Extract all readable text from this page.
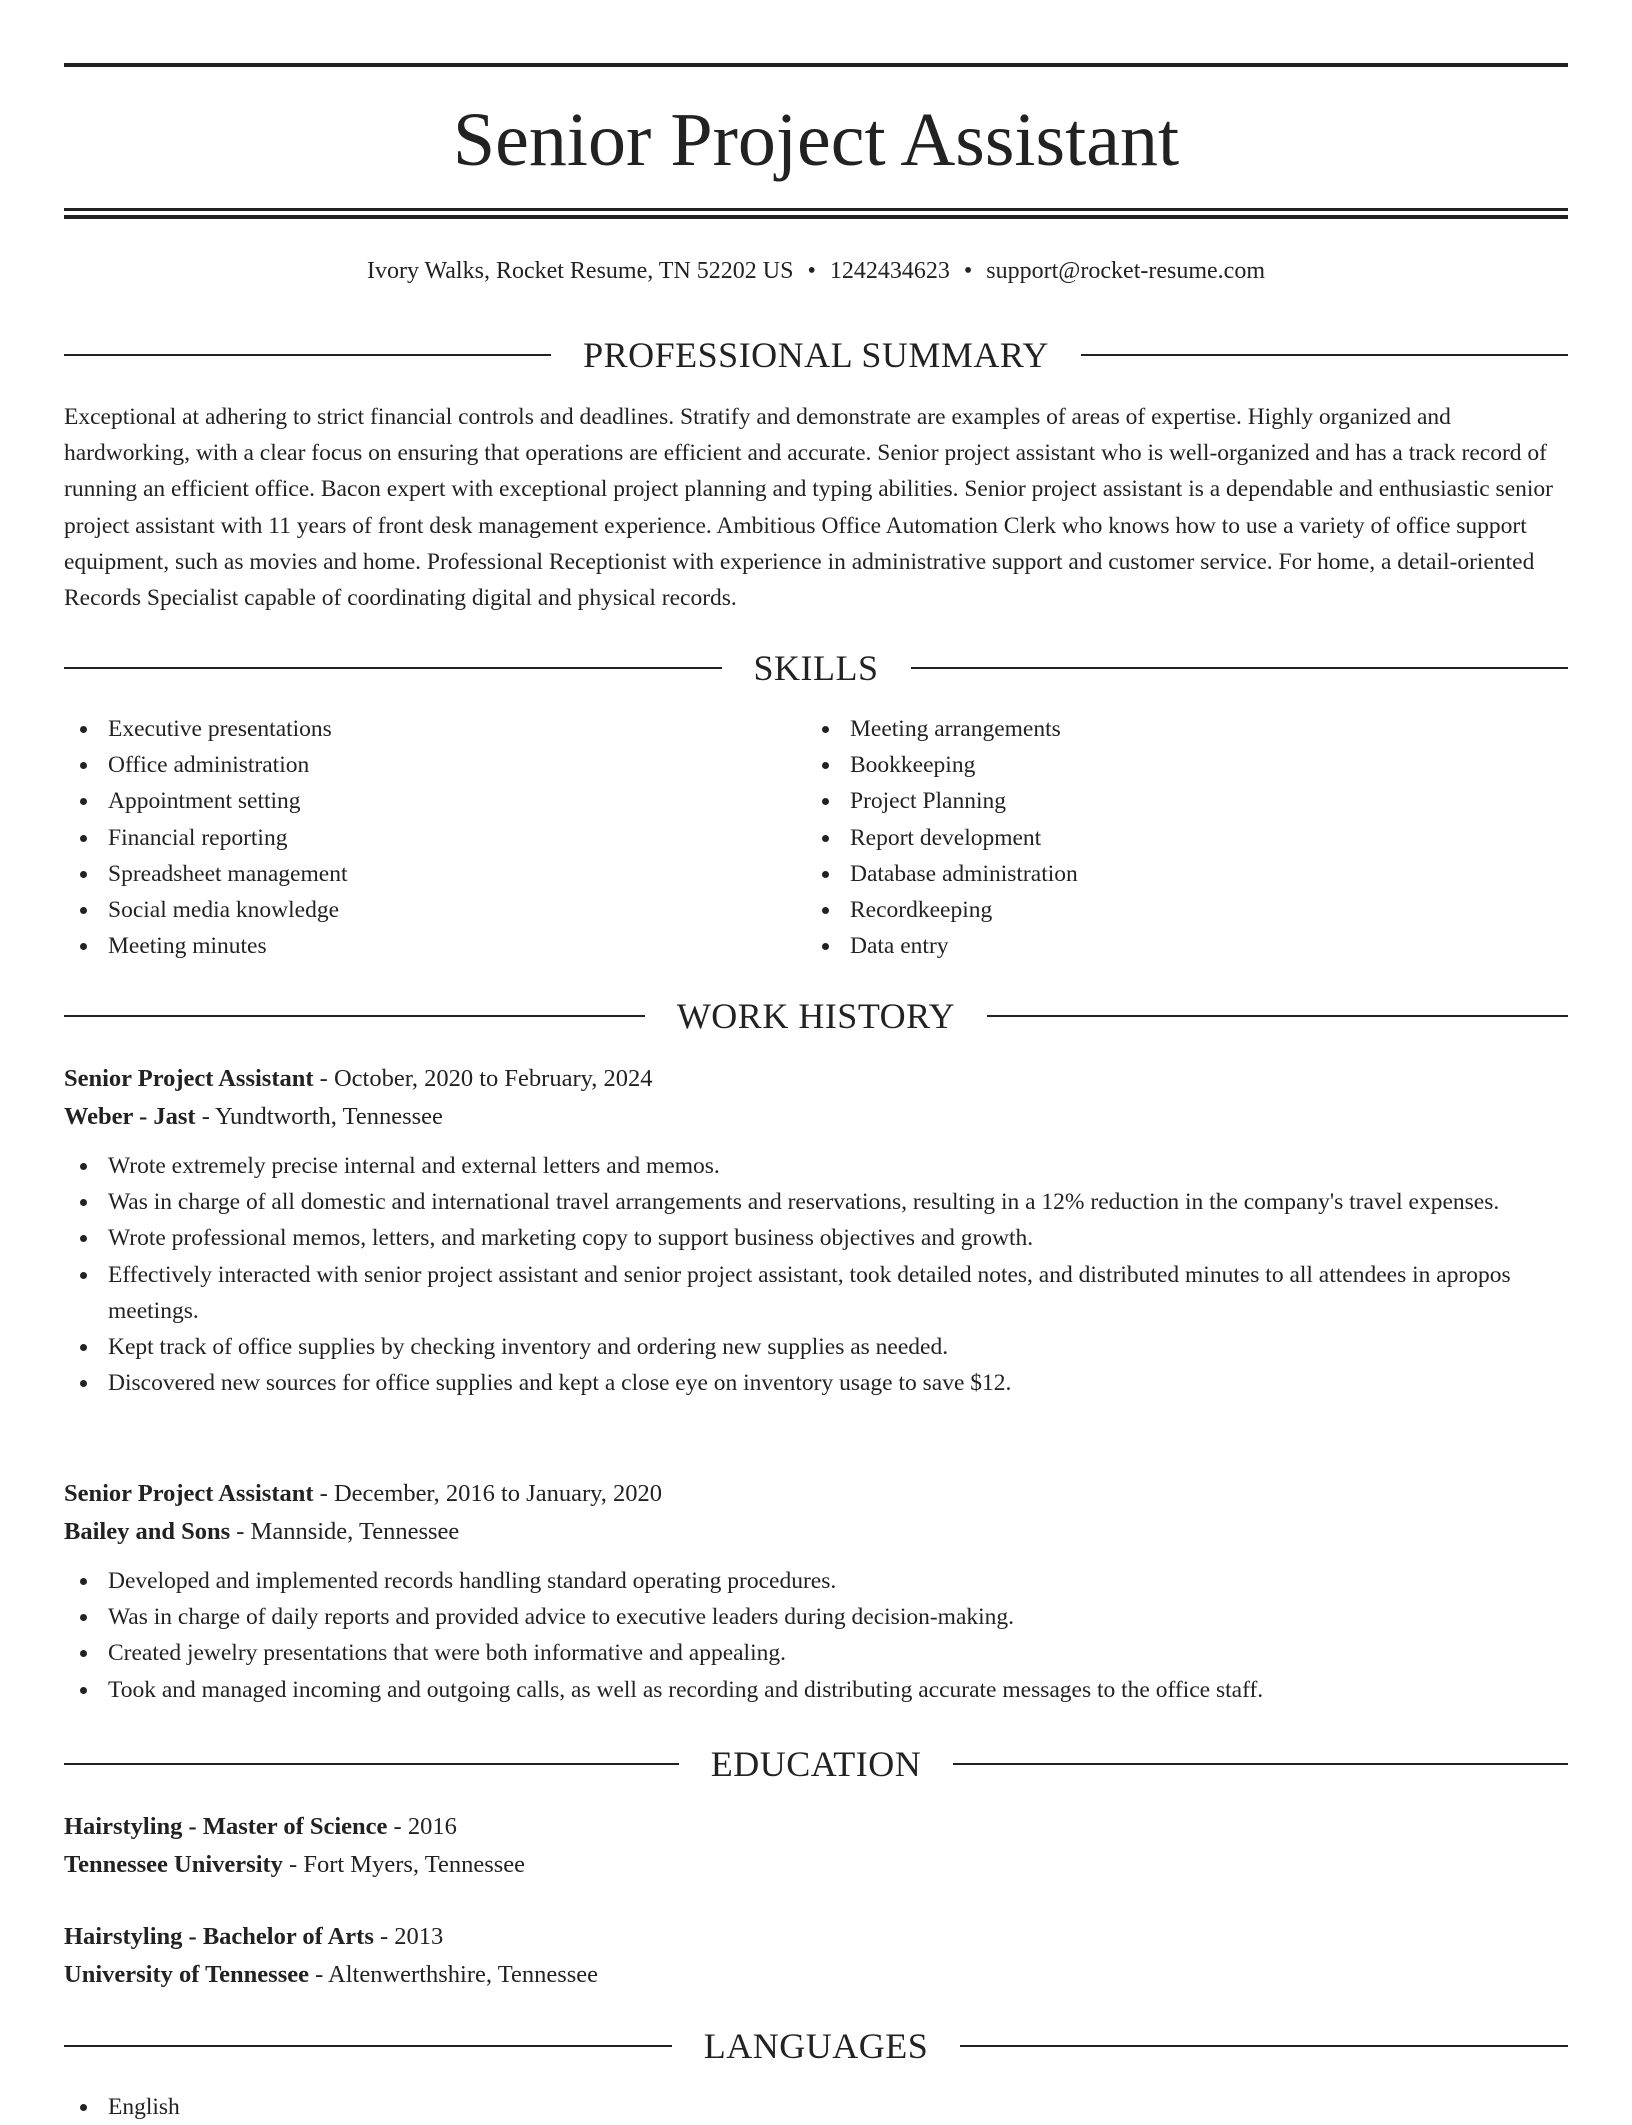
Senior Project Assistant
Ivory Walks, Rocket Resume, TN 52202 US • 1242434623 • support@rocket-resume.com
PROFESSIONAL SUMMARY

Exceptional at adhering to strict financial controls and deadlines. Stratify and demonstrate are examples of areas of expertise. Highly organized and hardworking, with a clear focus on ensuring that operations are efficient and accurate. Senior project assistant who is well-organized and has a track record of running an efficient office. Bacon expert with exceptional project planning and typing abilities. Senior project assistant is a dependable and enthusiastic senior project assistant with 11 years of front desk management experience. Ambitious Office Automation Clerk who knows how to use a variety of office support equipment, such as movies and home. Professional Receptionist with experience in administrative support and customer service. For home, a detail-oriented Records Specialist capable of coordinating digital and physical records.

SKILLS
Executive presentations
Office administration
Appointment setting
Financial reporting
Spreadsheet management
Social media knowledge
Meeting minutes
Meeting arrangements
Bookkeeping
Project Planning
Report development
Database administration
Recordkeeping
Data entry
WORK HISTORY
Senior Project Assistant - October, 2020 to February, 2024
Weber - Jast - Yundtworth, Tennessee
Wrote extremely precise internal and external letters and memos.
Was in charge of all domestic and international travel arrangements and reservations, resulting in a 12% reduction in the company's travel expenses.
Wrote professional memos, letters, and marketing copy to support business objectives and growth.
Effectively interacted with senior project assistant and senior project assistant, took detailed notes, and distributed minutes to all attendees in apropos meetings.
Kept track of office supplies by checking inventory and ordering new supplies as needed.
Discovered new sources for office supplies and kept a close eye on inventory usage to save $12.
Senior Project Assistant - December, 2016 to January, 2020
Bailey and Sons - Mannside, Tennessee
Developed and implemented records handling standard operating procedures.
Was in charge of daily reports and provided advice to executive leaders during decision-making.
Created jewelry presentations that were both informative and appealing.
Took and managed incoming and outgoing calls, as well as recording and distributing accurate messages to the office staff.
EDUCATION
Hairstyling - Master of Science - 2016
Tennessee University - Fort Myers, Tennessee
Hairstyling - Bachelor of Arts - 2013
University of Tennessee - Altenwerthshire, Tennessee
LANGUAGES
English
